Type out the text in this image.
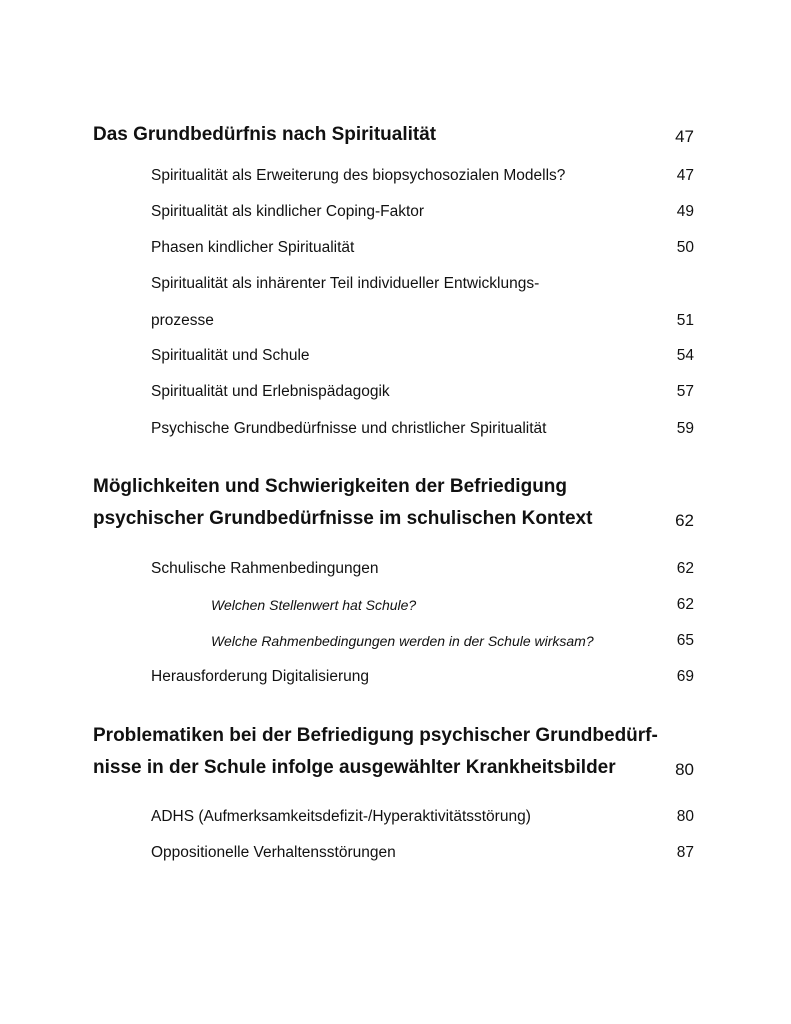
Das Grundbedürfnis nach Spiritualität	47
Spiritualität als Erweiterung des biopsychosozialen Modells?	47
Spiritualität als kindlicher Coping-Faktor	49
Phasen kindlicher Spiritualität	50
Spiritualität als inhärenter Teil individueller Entwicklungs-
prozesse	51
Spiritualität und Schule	54
Spiritualität und Erlebnispädagogik	57
Psychische Grundbedürfnisse und christlicher Spiritualität	59
Möglichkeiten und Schwierigkeiten der Befriedigung
psychischer Grundbedürfnisse im schulischen Kontext	62
Schulische Rahmenbedingungen	62
Welchen Stellenwert hat Schule?	62
Welche Rahmenbedingungen werden in der Schule wirksam?	65
Herausforderung Digitalisierung	69
Problematiken bei der Befriedigung psychischer Grundbedürf-
nisse in der Schule infolge ausgewählter Krankheitsbilder	80
ADHS (Aufmerksamkeitsdefizit-/Hyperaktivitätsstörung)	80
Oppositionelle Verhaltensstörungen	87
